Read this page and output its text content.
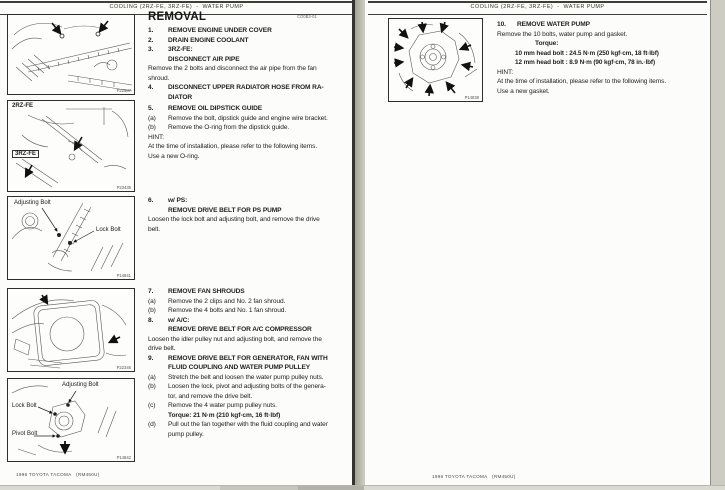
COOLING (2RZ-FE, 3RZ-FE)  -  WATER PUMP
CO0B3-01
REMOVAL
P22587
2RZ-FE
3RZ-FE
P23435
Adjusting Bolt
Lock Bolt
P14841
P22346
Adjusting Bolt
Lock Bolt
Pivot Bolt
P14842
1.	REMOVE ENGINE UNDER COVER
2.	DRAIN ENGINE COOLANT
3.	3RZ-FE:
DISCONNECT AIR PIPE
Remove the 2 bolts and disconnect the air pipe from the fan
shroud.
4.	DISCONNECT UPPER RADIATOR HOSE FROM RA-
DIATOR
5.	REMOVE OIL DIPSTICK GUIDE
(a)	Remove the bolt, dipstick guide and engine wire bracket.
(b)	Remove the O-ring from the dipstick guide.
HINT:
At the time of installation, please refer to the following items.
Use a new O-ring.
6.	w/ PS:
REMOVE DRIVE BELT FOR PS PUMP
Loosen the lock bolt and adjusting bolt, and remove the drive
belt.
7.	REMOVE FAN SHROUDS
(a)	Remove the 2 clips and No. 2 fan shroud.
(b)	Remove the 4 bolts and No. 1 fan shroud.
8.	w/ A/C:
REMOVE DRIVE BELT FOR A/C COMPRESSOR
Loosen the idler pulley nut and adjusting bolt, and remove the
drive belt.
9.	REMOVE DRIVE BELT FOR GENERATOR, FAN WITH
FLUID COUPLING AND WATER PUMP PULLEY
(a)	Stretch the belt and loosen the water pump pulley nuts.
(b)	Loosen the lock, pivot and adjusting bolts of the genera-
tor, and remove the drive belt.
(c)	Remove the 4 water pump pulley nuts.
Torque: 21 N·m (210 kgf·cm, 16 ft·lbf)
(d)	Pull out the fan together with the fluid coupling and water
pump pulley.
1996 TOYOTA TACOMA   (RM450U)
COOLING (2RZ-FE, 3RZ-FE)  -  WATER PUMP
P14838
10.	REMOVE WATER PUMP
Remove the 10 bolts, water pump and gasket.
Torque:
10 mm head bolt : 24.5 N·m (250 kgf·cm, 18 ft·lbf)
12 mm head bolt : 8.9 N·m (90 kgf·cm, 78 in.·lbf)
HINT:
At the time of installation, please refer to the following items.
Use a new gasket.
1996 TOYOTA TACOMA   (RM450U)
